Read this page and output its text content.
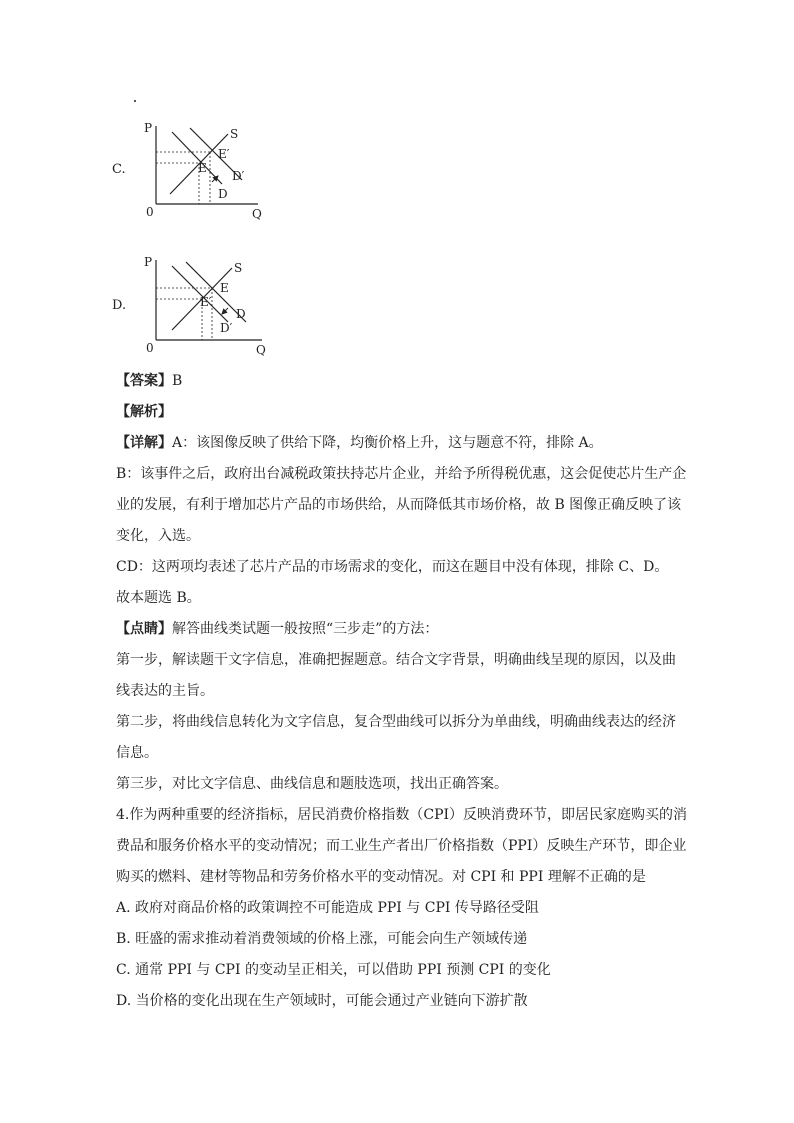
C.
P
Q
0
S
E′
E
D′
D
D.
P
Q
0
S
E
E′
D
D′
【答案】B
【解析】
【详解】A：该图像反映了供给下降，均衡价格上升，这与题意不符，排除 A。
B：该事件之后，政府出台减税政策扶持芯片企业，并给予所得税优惠，这会促使芯片生产企
业的发展，有利于增加芯片产品的市场供给，从而降低其市场价格，故 B 图像正确反映了该
变化，入选。
CD：这两项均表述了芯片产品的市场需求的变化，而这在题目中没有体现，排除 C、D。
故本题选 B。
【点睛】解答曲线类试题一般按照“三步走”的方法：
第一步，解读题干文字信息，准确把握题意。结合文字背景，明确曲线呈现的原因，以及曲
线表达的主旨。
第二步，将曲线信息转化为文字信息，复合型曲线可以拆分为单曲线，明确曲线表达的经济
信息。
第三步，对比文字信息、曲线信息和题肢选项，找出正确答案。
4.作为两种重要的经济指标，居民消费价格指数（CPI）反映消费环节，即居民家庭购买的消
费品和服务价格水平的变动情况；而工业生产者出厂价格指数（PPI）反映生产环节，即企业
购买的燃料、建材等物品和劳务价格水平的变动情况。对 CPI 和 PPI 理解不正确的是
A. 政府对商品价格的政策调控不可能造成 PPI 与 CPI 传导路径受阻
B. 旺盛的需求推动着消费领域的价格上涨，可能会向生产领域传递
C. 通常 PPI 与 CPI 的变动呈正相关，可以借助 PPI 预测 CPI 的变化
D. 当价格的变化出现在生产领域时，可能会通过产业链向下游扩散
